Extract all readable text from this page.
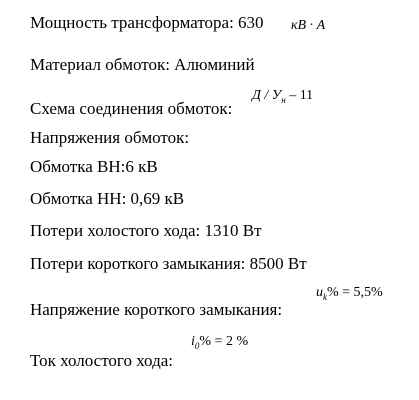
Мощность трансформатора: 630 кВ · А
Материал обмоток: Алюминий
Схема соединения обмоток:
Д / $У_н - 11$
Напряжения обмоток:
Обмотка ВН:6 кВ
Обмотка НН: 0,69 кВ
Потери холостого хода: 1310 Вт
Потери короткого замыкания: 8500 Вт
Напряжение короткого замыкания:
$u_k\% = 5,5\%$
Ток холостого хода:
$i_0\% = 2$ %
